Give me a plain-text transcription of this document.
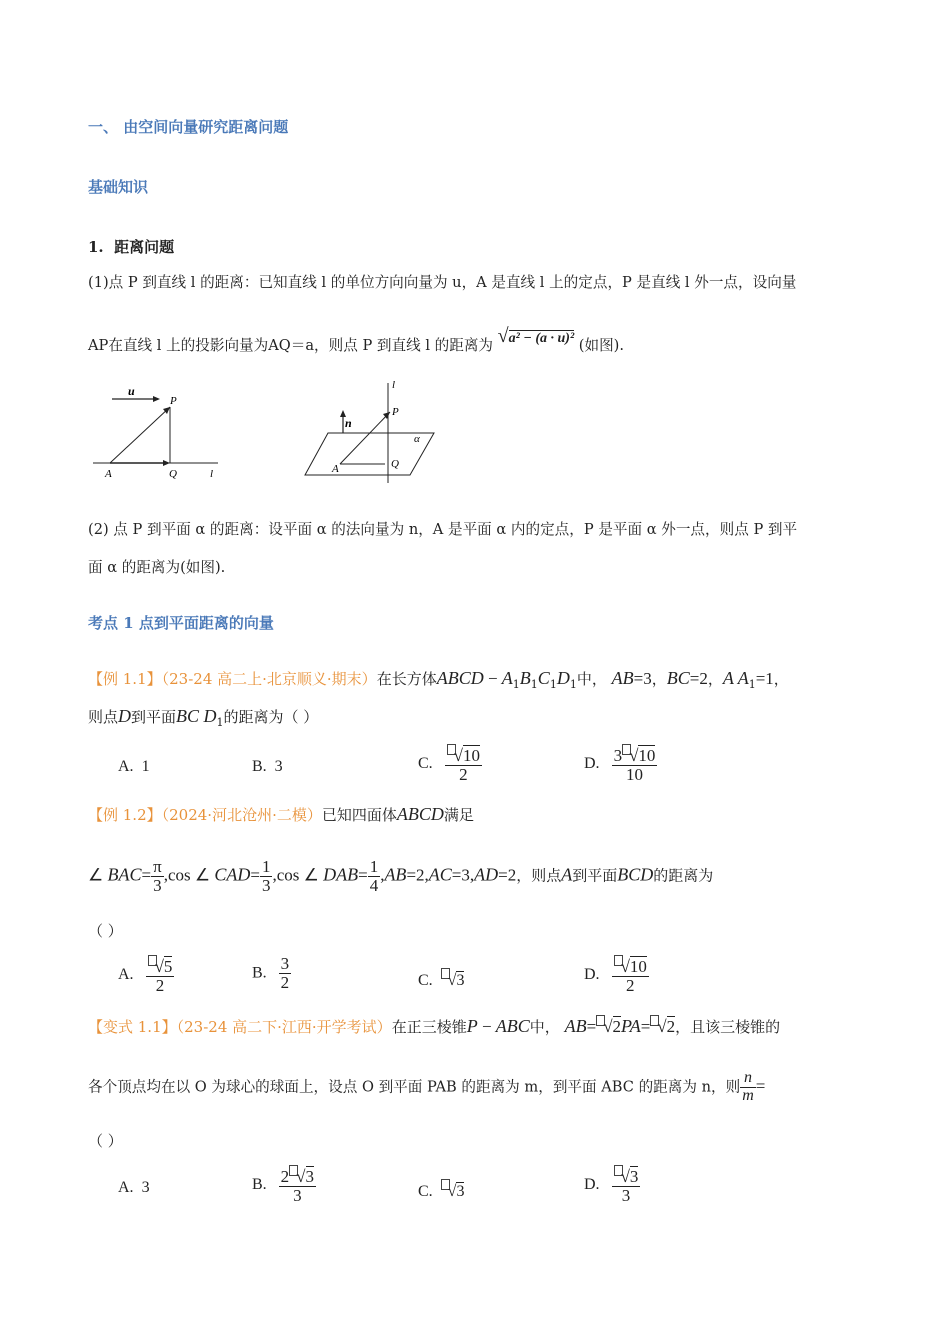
一、 由空间向量研究距离问题
基础知识
1. 距离问题
(1)点 P 到直线 l 的距离：已知直线 l 的单位方向向量为 u，A 是直线 l 上的定点，P 是直线 l 外一点，设向量
AP在直线 l 上的投影向量为AQ＝a，则点 P 到直线 l 的距离为 √a² − (a · u)² (如图).
u
P
A	Q	l
l
P
n
α
A	Q
(2) 点 P 到平面 α 的距离：设平面 α 的法向量为 n，A 是平面 α 内的定点，P 是平面 α 外一点，则点 P 到平
面 α 的距离为(如图).
考点 1 点到平面距离的向量
【例 1.1】（23-24 高二上·北京顺义·期末）在长方体ABCD − $A_1B_1C_1D_1$中， AB=3，BC=2，A $A_1=1$，
则点D到平面BC $D_1$的距离为（ ）
A. 1	B. 3	C. $\frac{√10}{2}$	D. $\frac{3 √10}{10}$
【例 1.2】（2024·河北沧州·二模）已知四面体ABCD满足
∠ $BAC= \frac{\pi}{3} ,\cos$ ∠ $CAD= \frac{1}{3} ,\cos$ ∠ $DAB= \frac{1}{4} ,AB=2,AC=3,AD=2$，则点A到平面BCD的距离为
（ ）
A. $\frac{√5}{2}$	B. $\frac{3}{2}$	C. √3	D. $\frac{√10}{2}$
【变式 1.1】（23-24 高二下·江西·开学考试）在正三棱锥P − ABC中， AB= √2PA= √2，且该三棱锥的
各个顶点均在以 O 为球心的球面上，设点 O 到平面 PAB 的距离为 m，到平面 ABC 的距离为 n，则 $\frac{n}{m}$ =
（ ）
A. 3	B. $\frac{2 √3}{3}$	C. √3	D. $\frac{√3}{3}$
